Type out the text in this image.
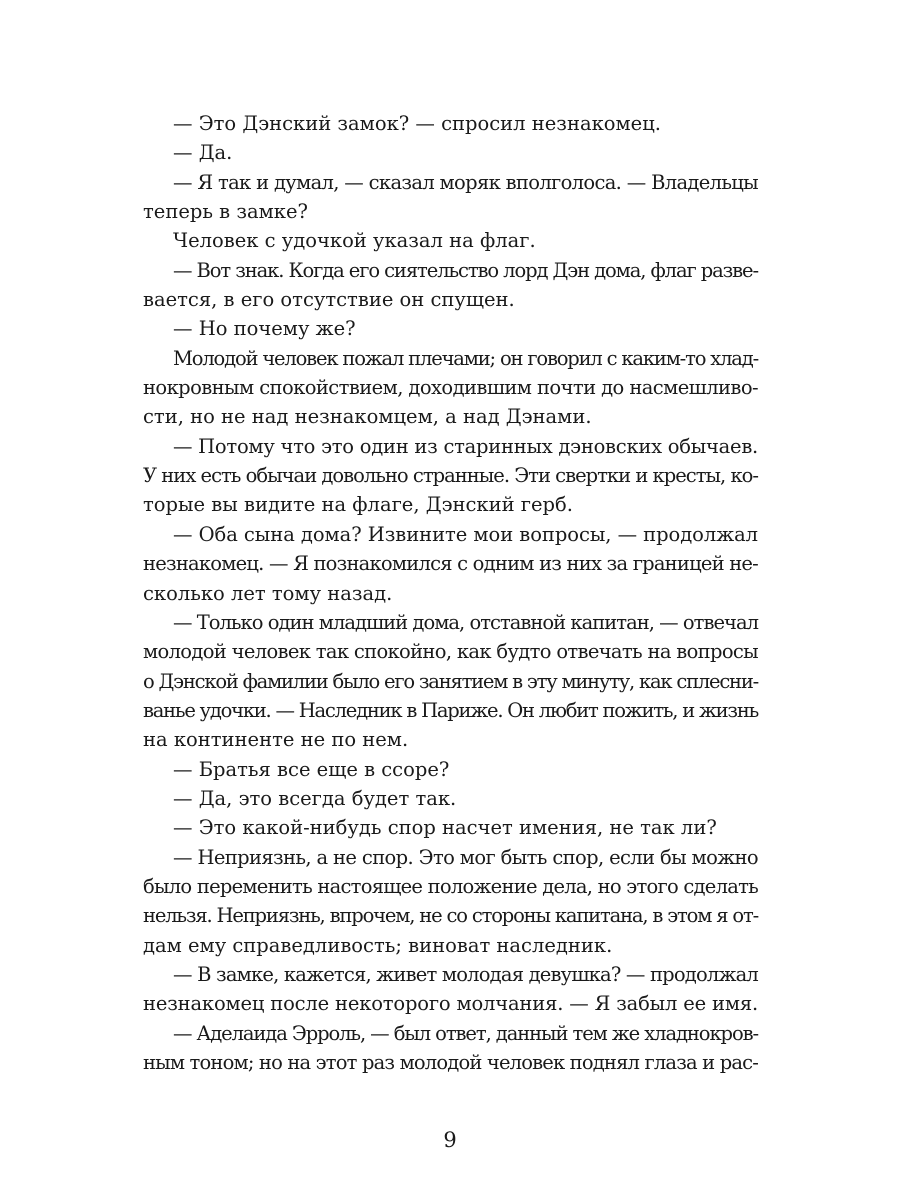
— Это Дэнский замок? — спросил незнакомец.
— Да.
— Я так и думал, — сказал моряк вполголоса. — Владельцы
теперь в замке?
Человек с удочкой указал на флаг.
— Вот знак. Когда его сиятельство лорд Дэн дома, флаг разве-
вается, в его отсутствие он спущен.
— Но почему же?
Молодой человек пожал плечами; он говорил с каким-то хлад-
нокровным спокойствием, доходившим почти до насмешливо-
сти, но не над незнакомцем, а над Дэнами.
— Потому что это один из старинных дэновских обычаев.
У них есть обычаи довольно странные. Эти свертки и кресты, ко-
торые вы видите на флаге, Дэнский герб.
— Оба сына дома? Извините мои вопросы, — продолжал
незнакомец. — Я познакомился с одним из них за границей не-
сколько лет тому назад.
— Только один младший дома, отставной капитан, — отвечал
молодой человек так спокойно, как будто отвечать на вопросы
о Дэнской фамилии было его занятием в эту минуту, как сплесни-
ванье удочки. — Наследник в Париже. Он любит пожить, и жизнь
на континенте не по нем.
— Братья все еще в ссоре?
— Да, это всегда будет так.
— Это какой-нибудь спор насчет имения, не так ли?
— Неприязнь, а не спор. Это мог быть спор, если бы можно
было переменить настоящее положение дела, но этого сделать
нельзя. Неприязнь, впрочем, не со стороны капитана, в этом я от-
дам ему справедливость; виноват наследник.
— В замке, кажется, живет молодая девушка? — продолжал
незнакомец после некоторого молчания. — Я забыл ее имя.
— Аделаида Эрроль, — был ответ, данный тем же хладнокров-
ным тоном; но на этот раз молодой человек поднял глаза и рас-
9
